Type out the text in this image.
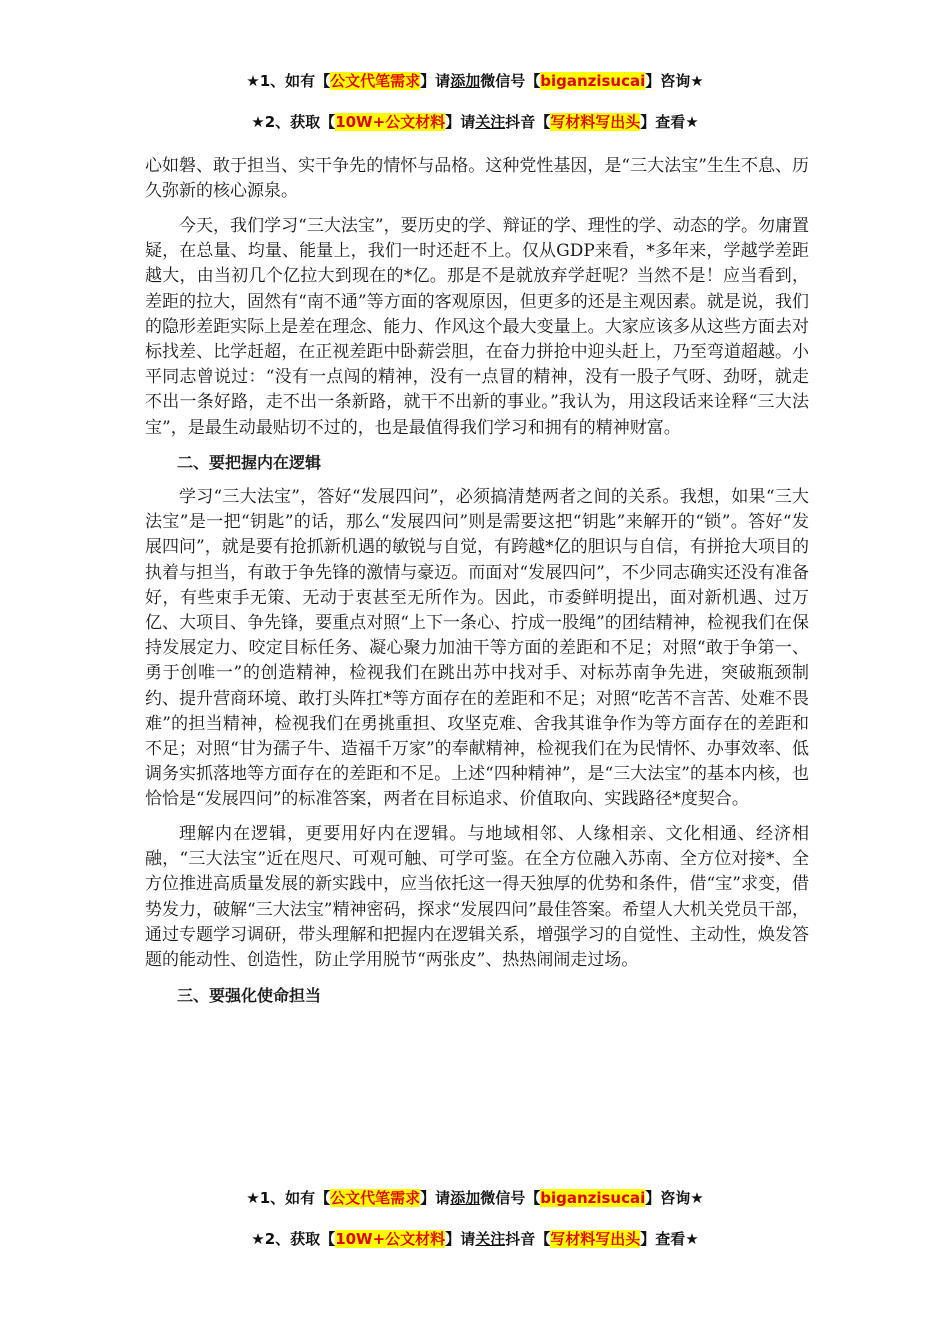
★1、如有【公文代笔需求】请添加微信号【biganzisucai】咨询★
★2、获取【10W+公文材料】请关注抖音【写材料写出头】查看★

心如磐、敢于担当、实干争先的情怀与品格。这种党性基因，是“三大法宝”生生不息、历久弥新的核心源泉。

今天，我们学习“三大法宝”，要历史的学、辩证的学、理性的学、动态的学。勿庸置疑，在总量、均量、能量上，我们一时还赶不上。仅从GDP来看，*多年来，学越学差距越大，由当初几个亿拉大到现在的*亿。那是不是就放弃学赶呢？当然不是！应当看到，差距的拉大，固然有“南不通”等方面的客观原因，但更多的还是主观因素。就是说，我们的隐形差距实际上是差在理念、能力、作风这个最大变量上。大家应该多从这些方面去对标找差、比学赶超，在正视差距中卧薪尝胆，在奋力拼抢中迎头赶上，乃至弯道超越。小平同志曾说过：“没有一点闯的精神，没有一点冒的精神，没有一股子气呀、劲呀，就走不出一条好路，走不出一条新路，就干不出新的事业。”我认为，用这段话来诠释“三大法宝”，是最生动最贴切不过的，也是最值得我们学习和拥有的精神财富。

二、要把握内在逻辑

学习“三大法宝”，答好“发展四问”，必须搞清楚两者之间的关系。我想，如果“三大法宝”是一把“钥匙”的话，那么“发展四问”则是需要这把“钥匙”来解开的“锁”。答好“发展四问”，就是要有抢抓新机遇的敏锐与自觉，有跨越*亿的胆识与自信，有拼抢大项目的执着与担当，有敢于争先锋的激情与豪迈。而面对“发展四问”，不少同志确实还没有准备好，有些束手无策、无动于衷甚至无所作为。因此，市委鲜明提出，面对新机遇、过万亿、大项目、争先锋，要重点对照“上下一条心、拧成一股绳”的团结精神，检视我们在保持发展定力、咬定目标任务、凝心聚力加油干等方面的差距和不足；对照“敢于争第一、勇于创唯一”的创造精神，检视我们在跳出苏中找对手、对标苏南争先进，突破瓶颈制约、提升营商环境、敢打头阵扛*等方面存在的差距和不足；对照“吃苦不言苦、处难不畏难”的担当精神，检视我们在勇挑重担、攻坚克难、舍我其谁争作为等方面存在的差距和不足；对照“甘为孺子牛、造福千万家”的奉献精神，检视我们在为民情怀、办事效率、低调务实抓落地等方面存在的差距和不足。上述“四种精神”，是“三大法宝”的基本内核，也恰恰是“发展四问”的标准答案，两者在目标追求、价值取向、实践路径*度契合。

理解内在逻辑，更要用好内在逻辑。与地域相邻、人缘相亲、文化相通、经济相融，“三大法宝”近在咫尺、可观可触、可学可鉴。在全方位融入苏南、全方位对接*、全方位推进高质量发展的新实践中，应当依托这一得天独厚的优势和条件，借“宝”求变，借势发力，破解“三大法宝”精神密码，探求“发展四问”最佳答案。希望人大机关党员干部，通过专题学习调研，带头理解和把握内在逻辑关系，增强学习的自觉性、主动性，焕发答题的能动性、创造性，防止学用脱节“两张皮”、热热闹闹走过场。

三、要强化使命担当
★1、如有【公文代笔需求】请添加微信号【biganzisucai】咨询★
★2、获取【10W+公文材料】请关注抖音【写材料写出头】查看★
